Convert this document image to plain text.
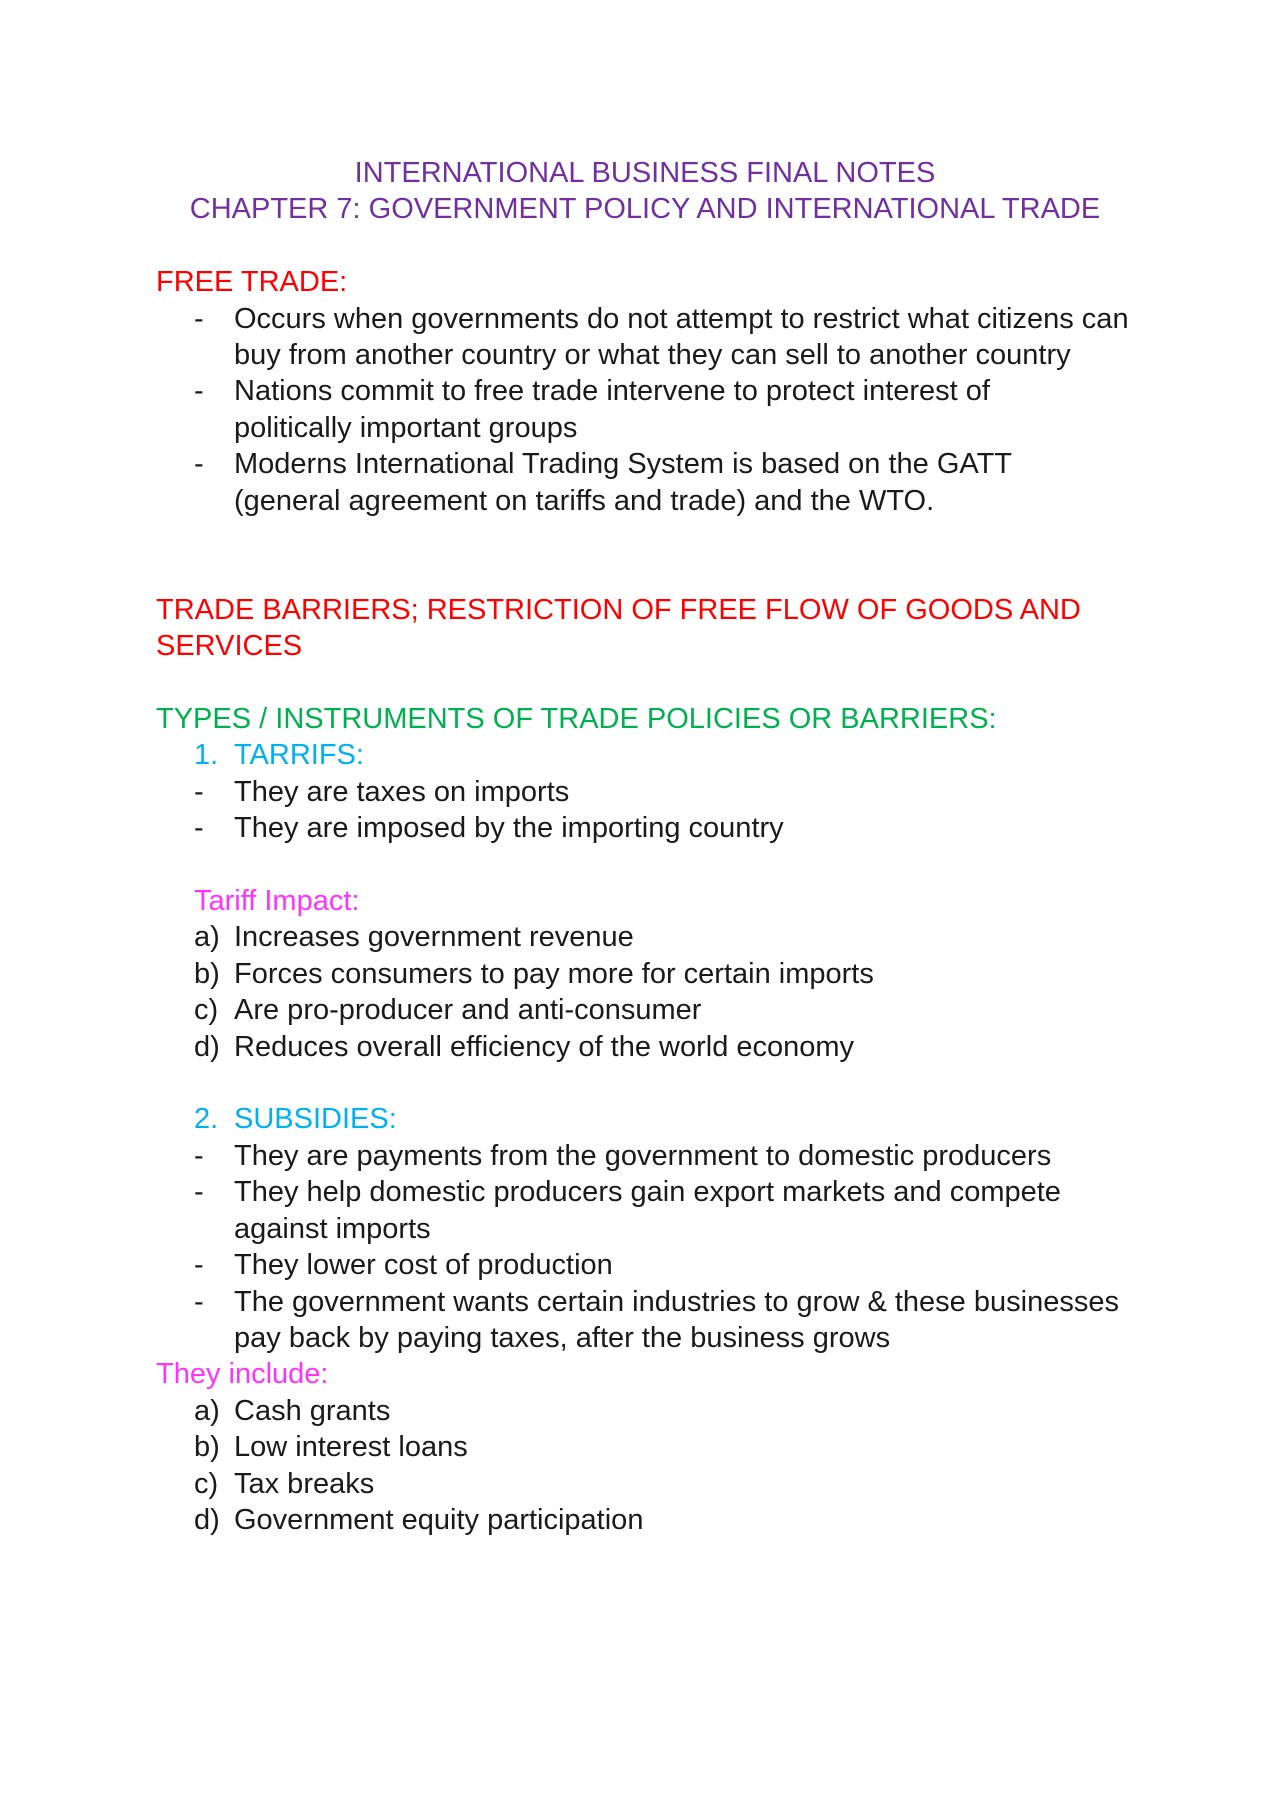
INTERNATIONAL BUSINESS FINAL NOTES
CHAPTER 7: GOVERNMENT POLICY AND INTERNATIONAL TRADE
FREE TRADE:
-	Occurs when governments do not attempt to restrict what citizens can buy from another country or what they can sell to another country
-	Nations commit to free trade intervene to protect interest of politically important groups
-	Moderns International Trading System is based on the GATT (general agreement on tariffs and trade) and the WTO.
TRADE BARRIERS; RESTRICTION OF FREE FLOW OF GOODS AND SERVICES
TYPES / INSTRUMENTS OF TRADE POLICIES OR BARRIERS:
1. TARRIFS:
-	They are taxes on imports
-	They are imposed by the importing country
Tariff Impact:
a) Increases government revenue
b) Forces consumers to pay more for certain imports
c) Are pro-producer and anti-consumer
d) Reduces overall efficiency of the world economy
2. SUBSIDIES:
-	They are payments from the government to domestic producers
-	They help domestic producers gain export markets and compete against imports
-	They lower cost of production
-	The government wants certain industries to grow & these businesses pay back by paying taxes, after the business grows
They include:
a) Cash grants
b) Low interest loans
c) Tax breaks
d) Government equity participation
